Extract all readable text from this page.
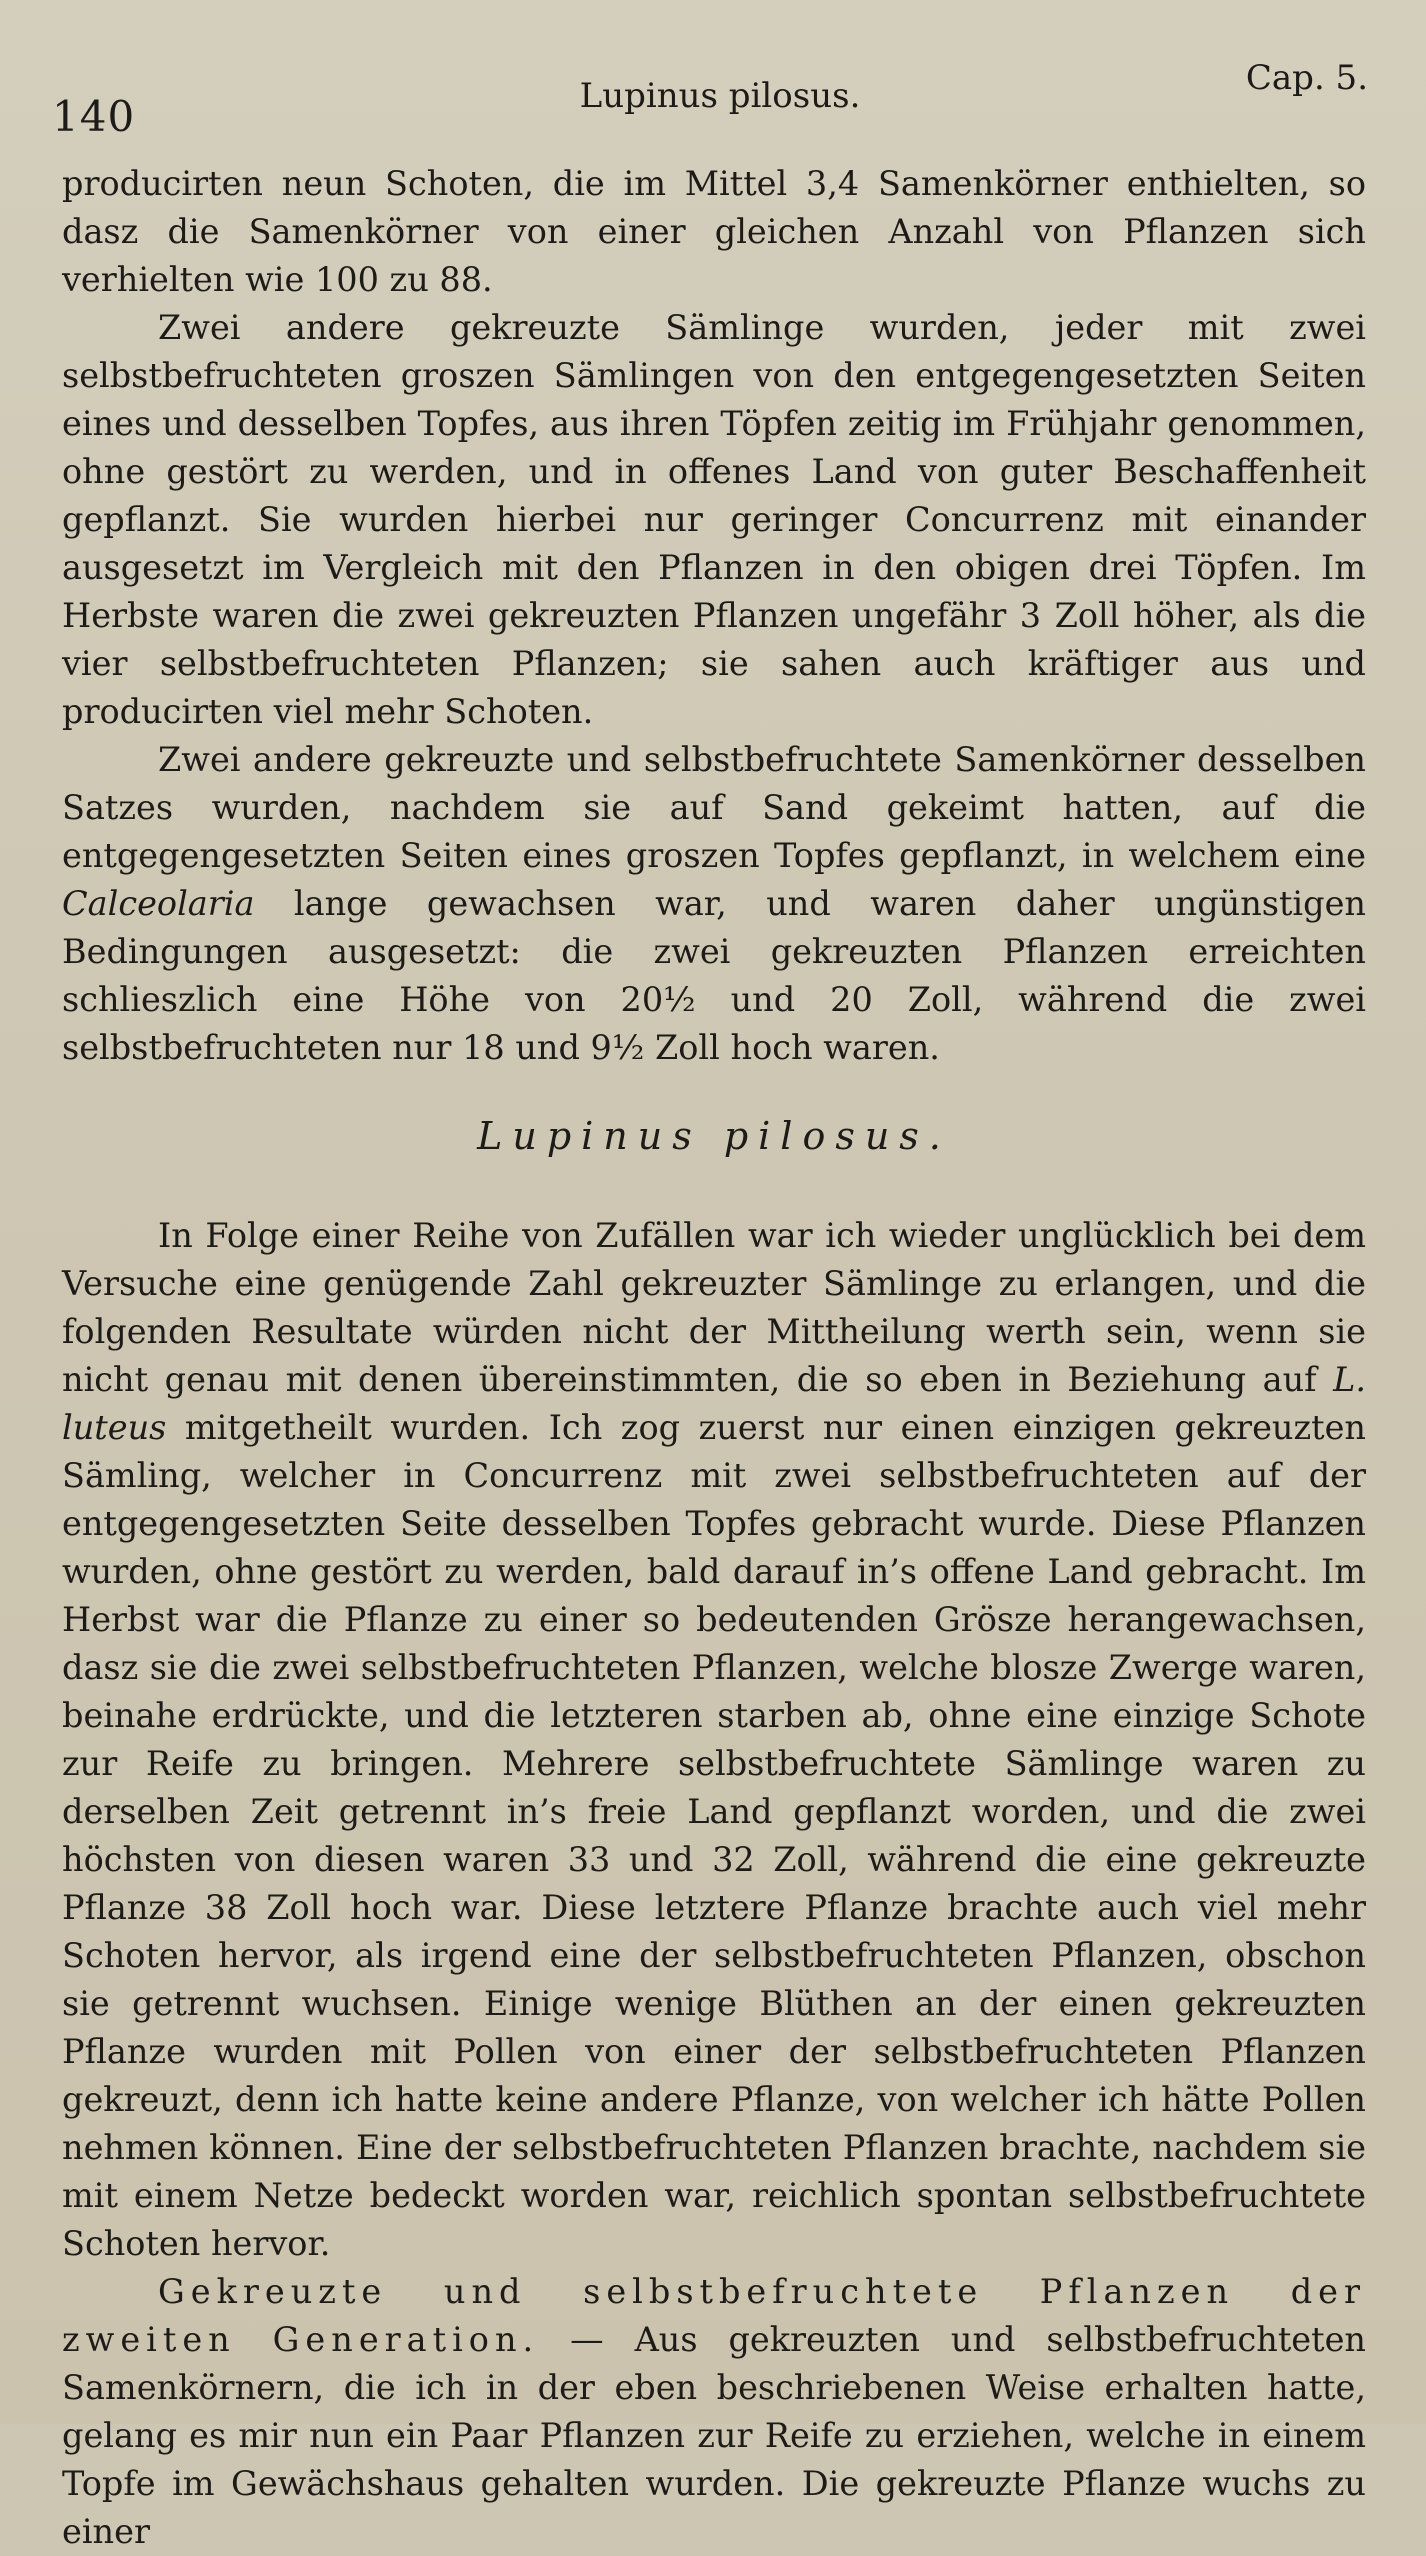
140	Lupinus pilosus.	Cap. 5.

producirten neun Schoten, die im Mittel 3,4 Samenkörner enthielten, so dasz die Samenkörner von einer gleichen Anzahl von Pflanzen sich verhielten wie 100 zu 88.

Zwei andere gekreuzte Sämlinge wurden, jeder mit zwei selbstbefruchteten groszen Sämlingen von den entgegengesetzten Seiten eines und desselben Topfes, aus ihren Töpfen zeitig im Frühjahr genommen, ohne gestört zu werden, und in offenes Land von guter Beschaffenheit gepflanzt. Sie wurden hierbei nur geringer Concurrenz mit einander ausgesetzt im Vergleich mit den Pflanzen in den obigen drei Töpfen. Im Herbste waren die zwei gekreuzten Pflanzen ungefähr 3 Zoll höher, als die vier selbstbefruchteten Pflanzen; sie sahen auch kräftiger aus und producirten viel mehr Schoten.

Zwei andere gekreuzte und selbstbefruchtete Samenkörner desselben Satzes wurden, nachdem sie auf Sand gekeimt hatten, auf die entgegengesetzten Seiten eines groszen Topfes gepflanzt, in welchem eine Calceolaria lange gewachsen war, und waren daher ungünstigen Bedingungen ausgesetzt: die zwei gekreuzten Pflanzen erreichten schlieszlich eine Höhe von 20½ und 20 Zoll, während die zwei selbstbefruchteten nur 18 und 9½ Zoll hoch waren.

Lupinus pilosus.

In Folge einer Reihe von Zufällen war ich wieder unglücklich bei dem Versuche eine genügende Zahl gekreuzter Sämlinge zu erlangen, und die folgenden Resultate würden nicht der Mittheilung werth sein, wenn sie nicht genau mit denen übereinstimmten, die so eben in Beziehung auf L. luteus mitgetheilt wurden. Ich zog zuerst nur einen einzigen gekreuzten Sämling, welcher in Concurrenz mit zwei selbstbefruchteten auf der entgegengesetzten Seite desselben Topfes gebracht wurde. Diese Pflanzen wurden, ohne gestört zu werden, bald darauf in’s offene Land gebracht. Im Herbst war die Pflanze zu einer so bedeutenden Grösze herangewachsen, dasz sie die zwei selbstbefruchteten Pflanzen, welche blosze Zwerge waren, beinahe erdrückte, und die letzteren starben ab, ohne eine einzige Schote zur Reife zu bringen. Mehrere selbstbefruchtete Sämlinge waren zu derselben Zeit getrennt in’s freie Land gepflanzt worden, und die zwei höchsten von diesen waren 33 und 32 Zoll, während die eine gekreuzte Pflanze 38 Zoll hoch war. Diese letztere Pflanze brachte auch viel mehr Schoten hervor, als irgend eine der selbstbefruchteten Pflanzen, obschon sie getrennt wuchsen. Einige wenige Blüthen an der einen gekreuzten Pflanze wurden mit Pollen von einer der selbstbefruchteten Pflanzen gekreuzt, denn ich hatte keine andere Pflanze, von welcher ich hätte Pollen nehmen können. Eine der selbstbefruchteten Pflanzen brachte, nachdem sie mit einem Netze bedeckt worden war, reichlich spontan selbstbefruchtete Schoten hervor.

Gekreuzte und selbstbefruchtete Pflanzen der zweiten Generation. — Aus gekreuzten und selbstbefruchteten Samenkörnern, die ich in der eben beschriebenen Weise erhalten hatte, gelang es mir nun ein Paar Pflanzen zur Reife zu erziehen, welche in einem Topfe im Gewächshaus gehalten wurden. Die gekreuzte Pflanze wuchs zu einer
